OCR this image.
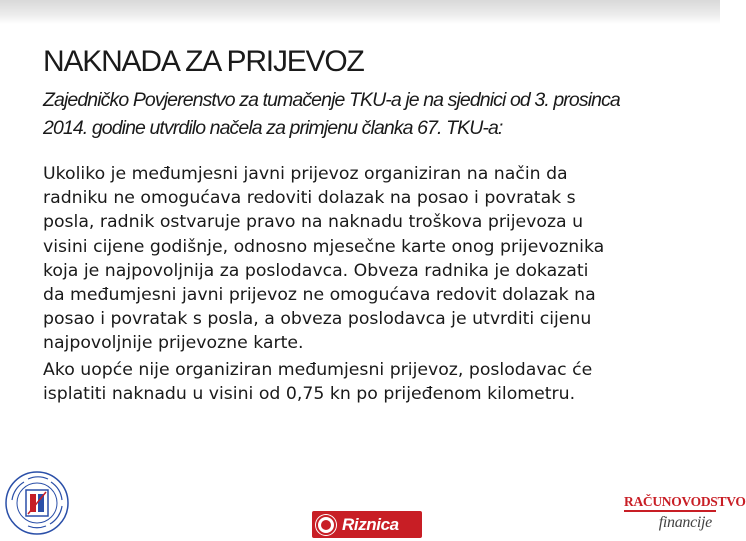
NAKNADA ZA PRIJEVOZ
Zajedničko Povjerenstvo za tumačenje TKU-a je na sjednici od 3. prosinca
2014. godine utvrdilo načela za primjenu članka 67. TKU-a:
Ukoliko je međumjesni javni prijevoz organiziran na način da
radniku ne omogućava redoviti dolazak na posao i povratak s
posla, radnik ostvaruje pravo na naknadu troškova prijevoza u
visini cijene godišnje, odnosno mjesečne karte onog prijevoznika
koja je najpovoljnija za poslodavca. Obveza radnika je dokazati
da međumjesni javni prijevoz ne omogućava redovit dolazak na
posao i povratak s posla, a obveza poslodavca je utvrditi cijenu
najpovoljnije prijevozne karte.
Ako uopće nije organiziran međumjesni prijevoz, poslodavac će
isplatiti naknadu u visini od 0,75 kn po prijeđenom kilometru.
Riznica
RAČUNOVODSTVO
financije
